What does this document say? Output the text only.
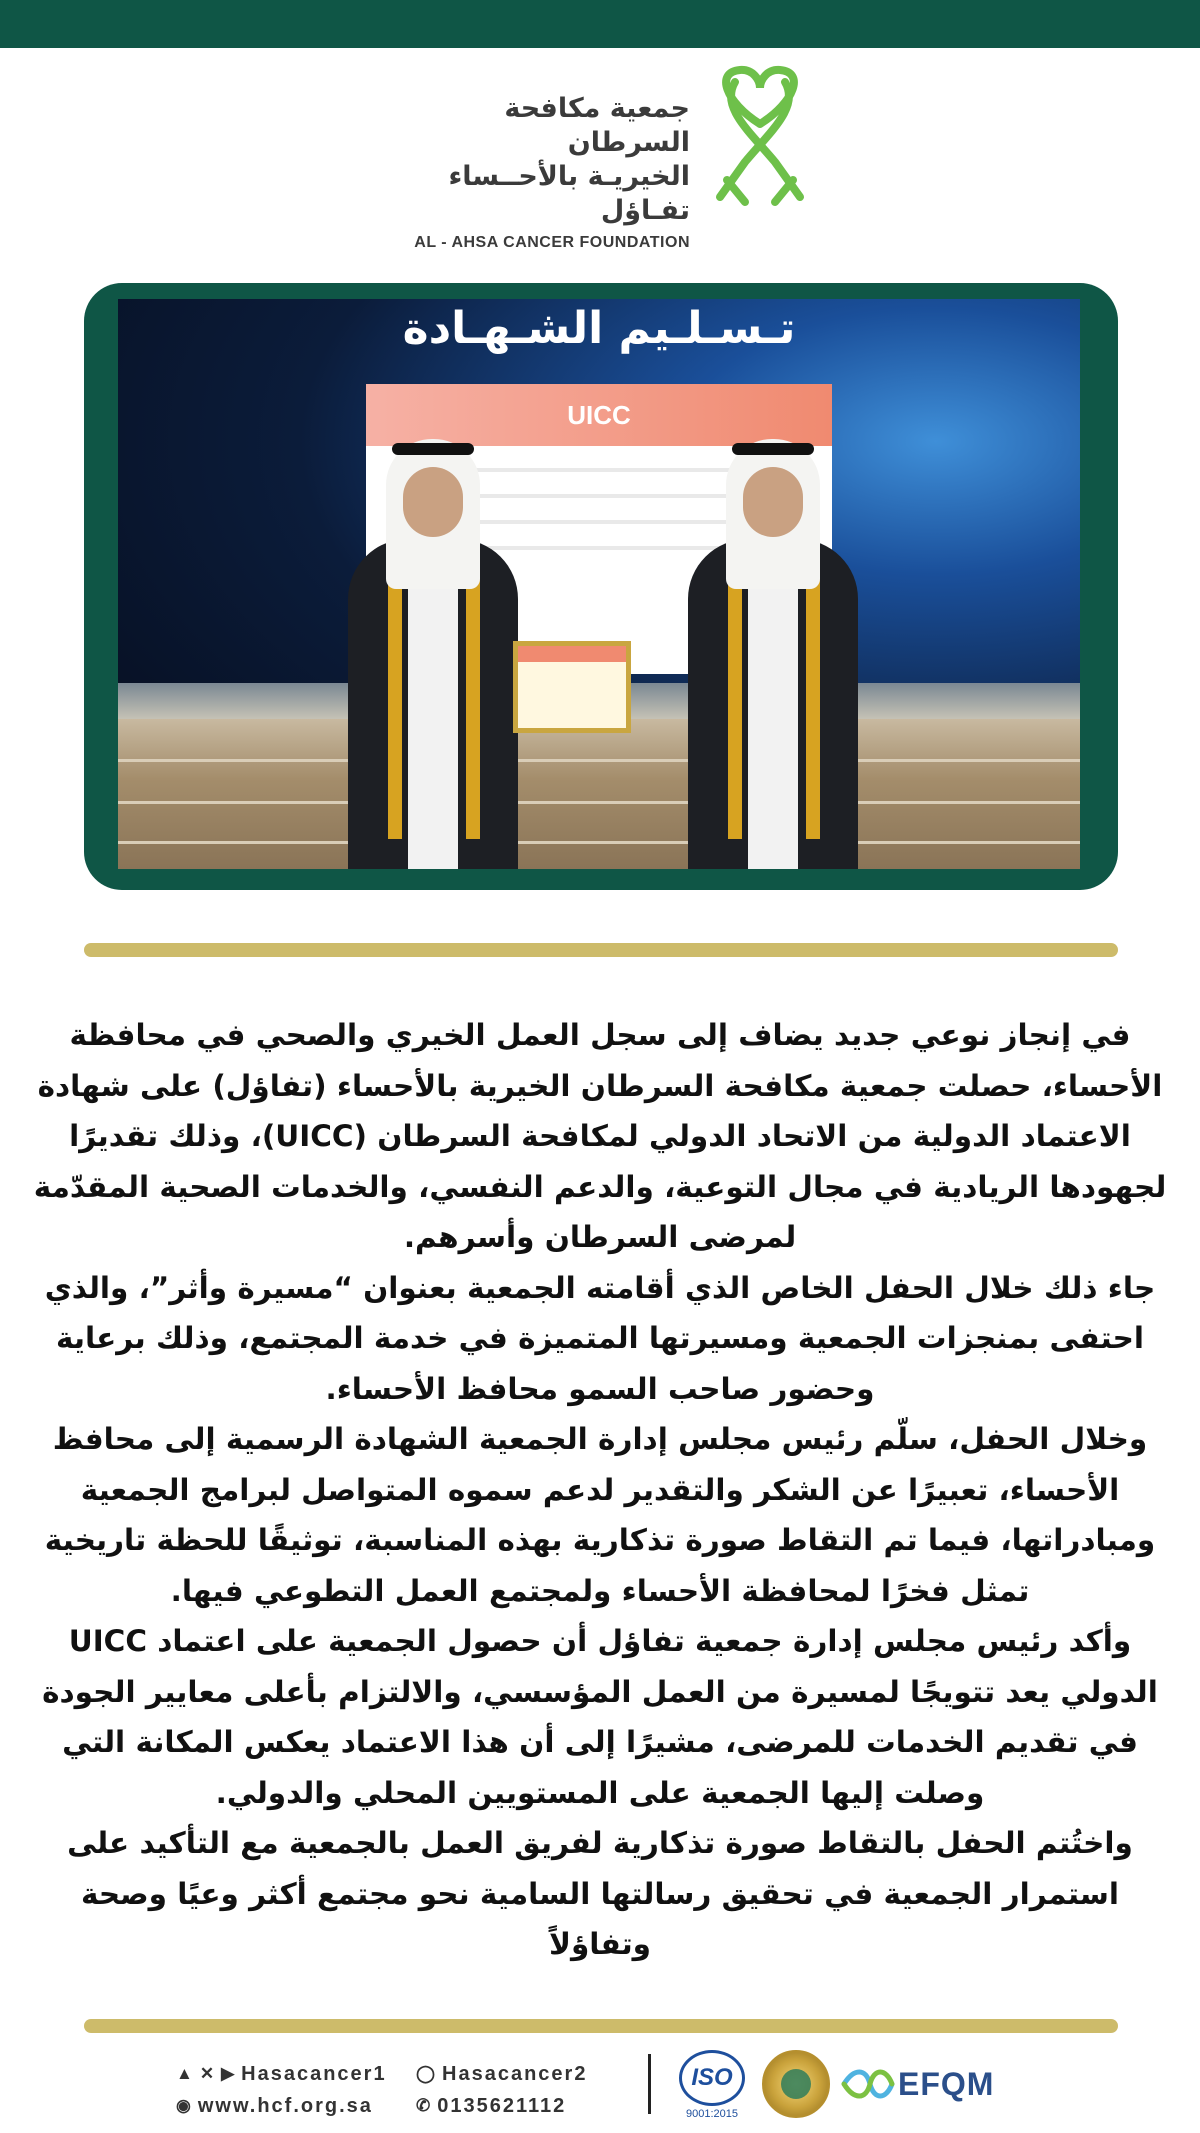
جمعية مكافحة السرطان
الخيريـة بالأحــساء تفـاؤل
AL - AHSA CANCER FOUNDATION
تـسـلـيم الشـهـادة
UICC
في إنجاز نوعي جديد يضاف إلى سجل العمل الخيري والصحي في محافظة
الأحساء، حصلت جمعية مكافحة السرطان الخيرية بالأحساء (تفاؤل) على شهادة
الاعتماد الدولية من الاتحاد الدولي لمكافحة السرطان (UICC)، وذلك تقديرًا
لجهودها الريادية في مجال التوعية، والدعم النفسي، والخدمات الصحية المقدّمة
لمرضى السرطان وأسرهم.
جاء ذلك خلال الحفل الخاص الذي أقامته الجمعية بعنوان “مسيرة وأثر”، والذي
احتفى بمنجزات الجمعية ومسيرتها المتميزة في خدمة المجتمع، وذلك برعاية
وحضور صاحب السمو محافظ الأحساء.
وخلال الحفل، سلّم رئيس مجلس إدارة الجمعية الشهادة الرسمية إلى محافظ
الأحساء، تعبيرًا عن الشكر والتقدير لدعم سموه المتواصل لبرامج الجمعية
ومبادراتها، فيما تم التقاط صورة تذكارية بهذه المناسبة، توثيقًا للحظة تاريخية
تمثل فخرًا لمحافظة الأحساء ولمجتمع العمل التطوعي فيها.
وأكد رئيس مجلس إدارة جمعية تفاؤل أن حصول الجمعية على اعتماد UICC
الدولي يعد تتويجًا لمسيرة من العمل المؤسسي، والالتزام بأعلى معايير الجودة
في تقديم الخدمات للمرضى، مشيرًا إلى أن هذا الاعتماد يعكس المكانة التي
وصلت إليها الجمعية على المستويين المحلي والدولي.
واختُتم الحفل بالتقاط صورة تذكارية لفريق العمل بالجمعية مع التأكيد على
استمرار الجمعية في تحقيق رسالتها السامية نحو مجتمع أكثر وعيًا وصحة
وتفاؤلاً
▲ ✕ ▶ Hasacancer1 ◯ Hasacancer2
◉ www.hcf.org.sa	✆ 0135621112
ISO
9001:2015
EFQM
